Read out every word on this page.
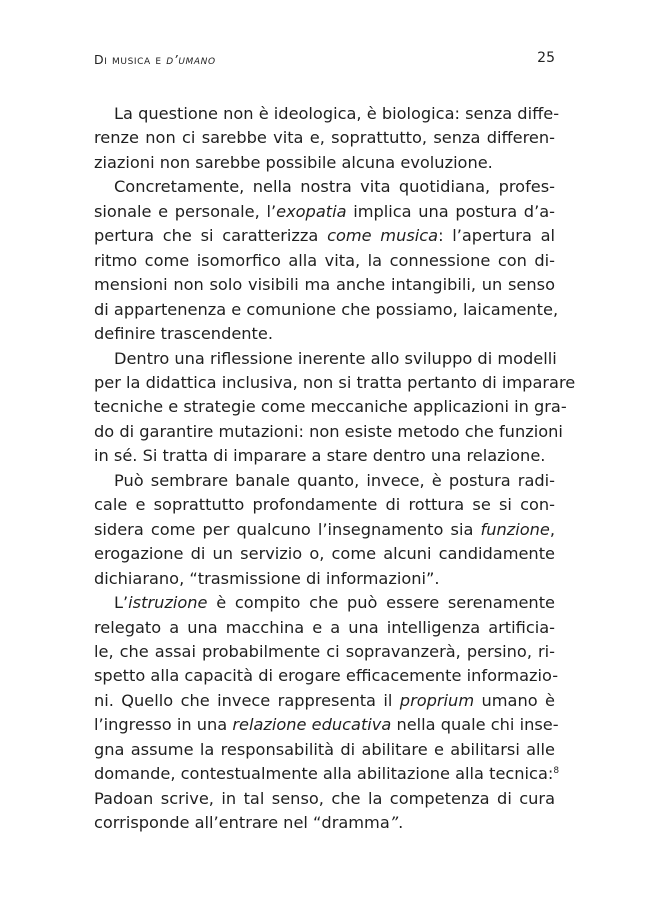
Di musica e d’umano	25
La questione non è ideologica, è biologica: senza diffe-
renze non ci sarebbe vita e, soprattutto, senza differen-
ziazioni non sarebbe possibile alcuna evoluzione.
Concretamente, nella nostra vita quotidiana, profes-
sionale e personale, l’exopatia implica una postura d’a-
pertura che si caratterizza come musica: l’apertura al
ritmo come isomorfico alla vita, la connessione con di-
mensioni non solo visibili ma anche intangibili, un senso
di appartenenza e comunione che possiamo, laicamente,
definire trascendente.
Dentro una riflessione inerente allo sviluppo di modelli
per la didattica inclusiva, non si tratta pertanto di imparare
tecniche e strategie come meccaniche applicazioni in gra-
do di garantire mutazioni: non esiste metodo che funzioni
in sé. Si tratta di imparare a stare dentro una relazione.
Può sembrare banale quanto, invece, è postura radi-
cale e soprattutto profondamente di rottura se si con-
sidera come per qualcuno l’insegnamento sia funzione,
erogazione di un servizio o, come alcuni candidamente
dichiarano, “trasmissione di informazioni”.
L’istruzione è compito che può essere serenamente
relegato a una macchina e a una intelligenza artificia-
le, che assai probabilmente ci sopravanzerà, persino, ri-
spetto alla capacità di erogare efficacemente informazio-
ni. Quello che invece rappresenta il proprium umano è
l’ingresso in una relazione educativa nella quale chi inse-
gna assume la responsabilità di abilitare e abilitarsi alle
domande, contestualmente alla abilitazione alla tecnica:$^8$
Padoan scrive, in tal senso, che la competenza di cura
corrisponde all’entrare nel “dramma”.
